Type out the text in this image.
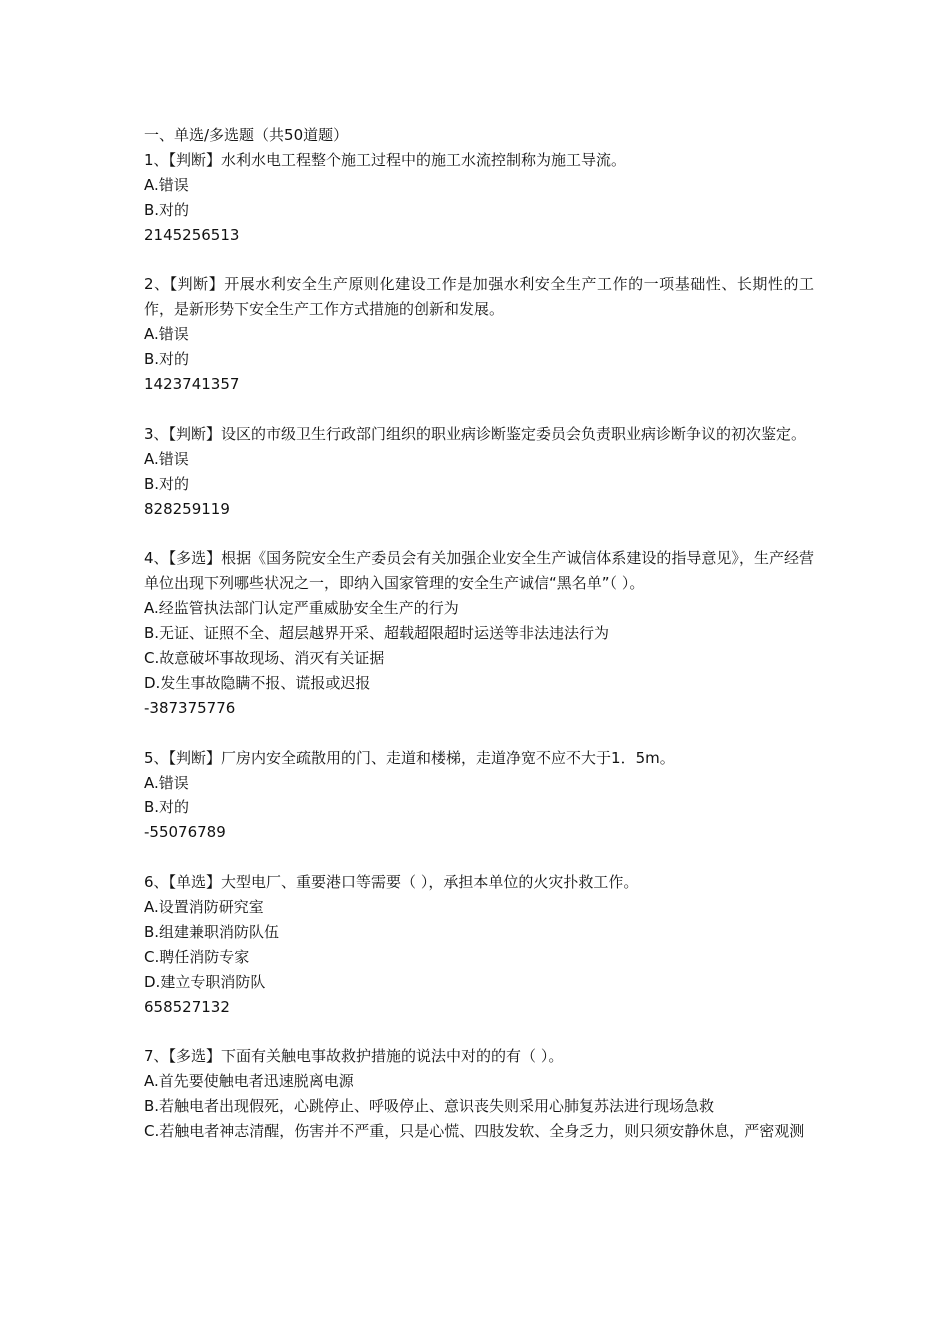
一、单选/多选题（共50道题）
1、【判断】水利水电工程整个施工过程中的施工水流控制称为施工导流。
A.错误
B.对的
2145256513
2、【判断】开展水利安全生产原则化建设工作是加强水利安全生产工作的一项基础性、长期性的工作，是新形势下安全生产工作方式措施的创新和发展。
A.错误
B.对的
1423741357
3、【判断】设区的市级卫生行政部门组织的职业病诊断鉴定委员会负责职业病诊断争议的初次鉴定。
A.错误
B.对的
828259119
4、【多选】根据《国务院安全生产委员会有关加强企业安全生产诚信体系建设的指导意见》，生产经营单位出现下列哪些状况之一，即纳入国家管理的安全生产诚信“黑名单”（ ）。
A.经监管执法部门认定严重威胁安全生产的行为
B.无证、证照不全、超层越界开采、超载超限超时运送等非法违法行为
C.故意破坏事故现场、消灭有关证据
D.发生事故隐瞒不报、谎报或迟报
-387375776
5、【判断】厂房内安全疏散用的门、走道和楼梯，走道净宽不应不大于1．5m。
A.错误
B.对的
-55076789
6、【单选】大型电厂、重要港口等需要（ ），承担本单位的火灾扑救工作。
A.设置消防研究室
B.组建兼职消防队伍
C.聘任消防专家
D.建立专职消防队
658527132
7、【多选】下面有关触电事故救护措施的说法中对的的有（ ）。
A.首先要使触电者迅速脱离电源
B.若触电者出现假死，心跳停止、呼吸停止、意识丧失则采用心肺复苏法进行现场急救
C.若触电者神志清醒，伤害并不严重，只是心慌、四肢发软、全身乏力，则只须安静休息，严密观测
